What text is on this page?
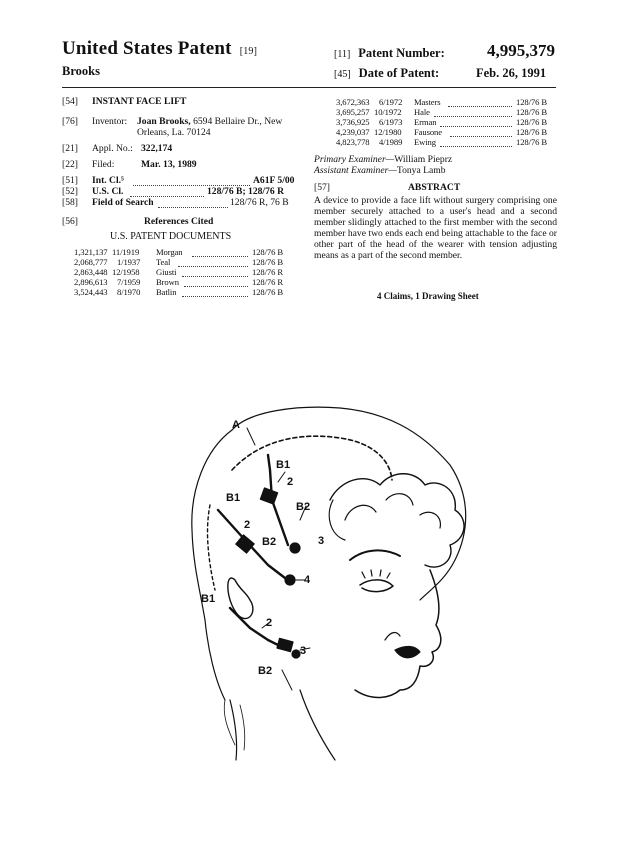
United States Patent [19]
Brooks
[11] Patent Number: 4,995,379
[45] Date of Patent:	Feb. 26, 1991
[54] INSTANT FACE LIFT
[76] Inventor: Joan Brooks, 6594 Bellaire Dr., New
Orleans, La. 70124
[21] Appl. No.: 322,174
[22] Filed:	Mar. 13, 1989
[51] Int. Cl.⁵	A61F 5/00
[52] U.S. Cl.	128/76 B; 128/76 R
[58] Field of Search	128/76 R, 76 B
[56]	References Cited
U.S. PATENT DOCUMENTS
1,321,137 11/1919 Morgan	128/76 B
2,068,777 1/1937 Teal	128/76 B
2,863,448 12/1958 Giusti	128/76 R
2,896,613 7/1959 Brown	128/76 R
3,524,443 8/1970 Batlin	128/76 B
3,672,363 6/1972 Masters	128/76 B
3,695,257 10/1972 Hale	128/76 B
3,736,925 6/1973 Erman	128/76 B
4,239,037 12/1980 Fausone	128/76 B
4,823,778 4/1989 Ewing	128/76 B
Primary Examiner—William Pieprz
Assistant Examiner—Tonya Lamb
[57]	ABSTRACT
A device to provide a face lift without surgery comprising one member securely attached to a user's head and a second member slidingly attached to the first member with the second member have two ends each end being attachable to the face or other part of the head of the wearer with tension adjusting means as a part of the second member.
4 Claims, 1 Drawing Sheet
A
B1
B1
B1
B2
B2
B2
2
2
2
3
3
4
